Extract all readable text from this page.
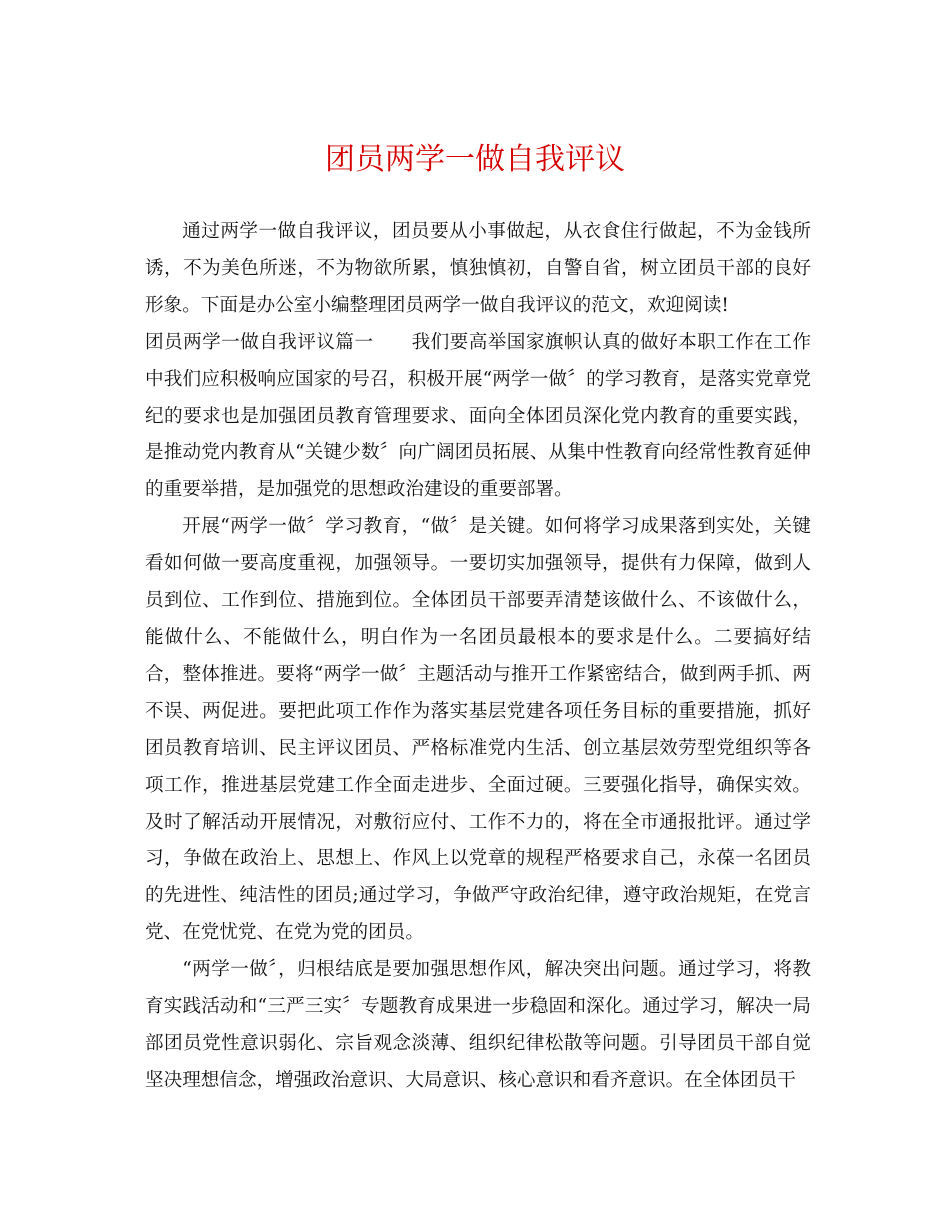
团员两学一做自我评议

通过两学一做自我评议，团员要从小事做起，从衣食住行做起，不为金钱所诱，不为美色所迷，不为物欲所累，慎独慎初，自警自省，树立团员干部的良好形象。下面是办公室小编整理团员两学一做自我评议的范文，欢迎阅读!

团员两学一做自我评议篇一　　我们要高举国家旗帜认真的做好本职工作在工作中我们应积极响应国家的号召，积极开展“两学一做〞的学习教育，是落实党章党纪的要求也是加强团员教育管理要求、面向全体团员深化党内教育的重要实践，是推动党内教育从“关键少数〞向广阔团员拓展、从集中性教育向经常性教育延伸的重要举措，是加强党的思想政治建设的重要部署。

开展“两学一做〞学习教育，“做〞是关键。如何将学习成果落到实处，关键看如何做一要高度重视，加强领导。一要切实加强领导，提供有力保障，做到人员到位、工作到位、措施到位。全体团员干部要弄清楚该做什么、不该做什么，能做什么、不能做什么，明白作为一名团员最根本的要求是什么。二要搞好结合，整体推进。要将“两学一做〞主题活动与推开工作紧密结合，做到两手抓、两不误、两促进。要把此项工作作为落实基层党建各项任务目标的重要措施，抓好团员教育培训、民主评议团员、严格标准党内生活、创立基层效劳型党组织等各项工作，推进基层党建工作全面走进步、全面过硬。三要强化指导，确保实效。及时了解活动开展情况，对敷衍应付、工作不力的，将在全市通报批评。通过学习，争做在政治上、思想上、作风上以党章的规程严格要求自己，永葆一名团员的先进性、纯洁性的团员;通过学习，争做严守政治纪律，遵守政治规矩，在党言党、在党忧党、在党为党的团员。

“两学一做〞，归根结底是要加强思想作风，解决突出问题。通过学习，将教育实践活动和“三严三实〞专题教育成果进一步稳固和深化。通过学习，解决一局部团员党性意识弱化、宗旨观念淡薄、组织纪律松散等问题。引导团员干部自觉坚决理想信念，增强政治意识、大局意识、核心意识和看齐意识。在全体团员干
